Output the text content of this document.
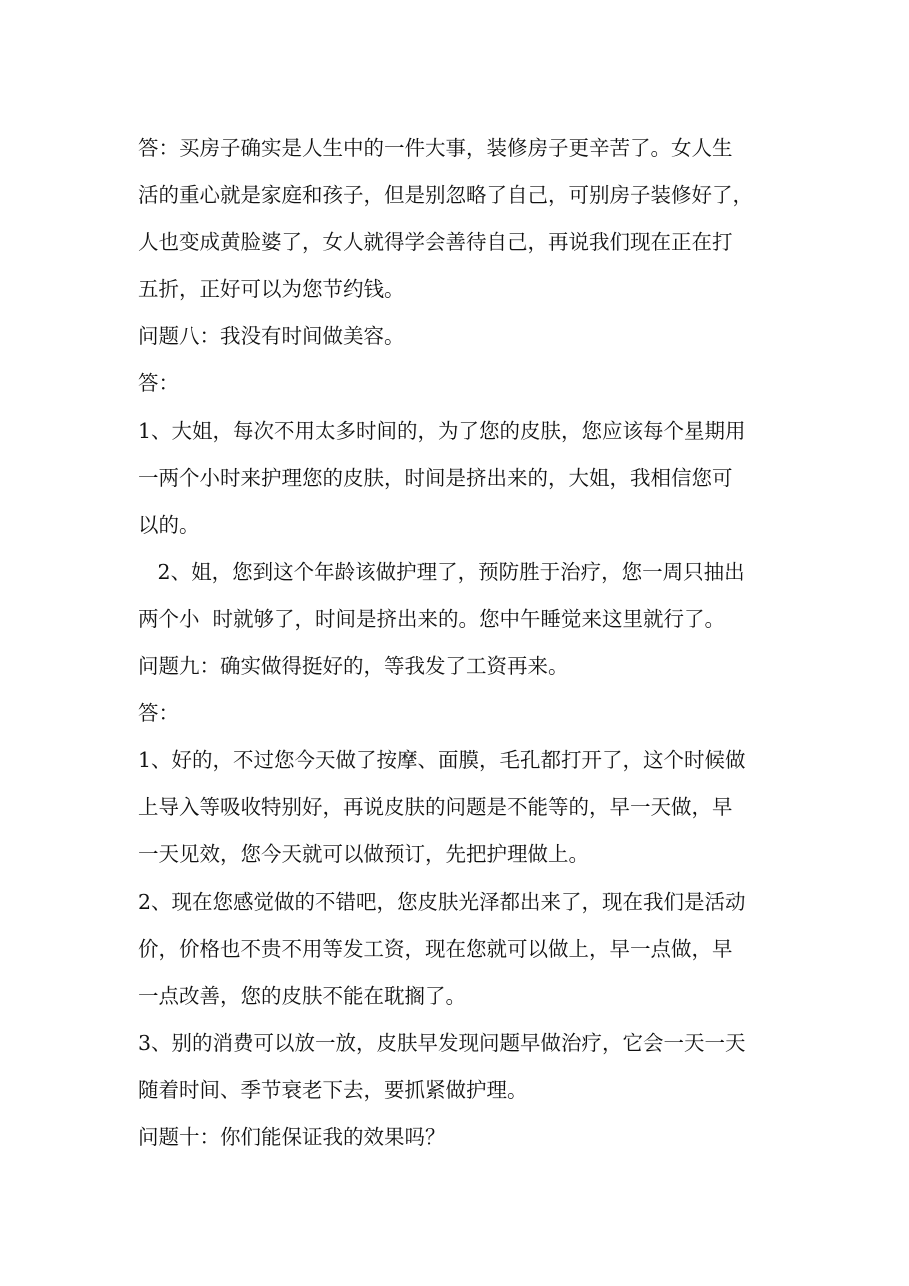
答：买房子确实是人生中的一件大事，装修房子更辛苦了。女人生
活的重心就是家庭和孩子，但是别忽略了自己，可别房子装修好了，
人也变成黄脸婆了，女人就得学会善待自己，再说我们现在正在打
五折，正好可以为您节约钱。
问题八：我没有时间做美容。
答：
1、大姐，每次不用太多时间的，为了您的皮肤，您应该每个星期用
一两个小时来护理您的皮肤，时间是挤出来的，大姐，我相信您可
以的。
2、姐，您到这个年龄该做护理了，预防胜于治疗，您一周只抽出
两个小  时就够了，时间是挤出来的。您中午睡觉来这里就行了。
问题九：确实做得挺好的，等我发了工资再来。
答：
1、好的，不过您今天做了按摩、面膜，毛孔都打开了，这个时候做
上导入等吸收特别好，再说皮肤的问题是不能等的，早一天做，早
一天见效，您今天就可以做预订，先把护理做上。
2、现在您感觉做的不错吧，您皮肤光泽都出来了，现在我们是活动
价，价格也不贵不用等发工资，现在您就可以做上，早一点做，早
一点改善，您的皮肤不能在耽搁了。
3、别的消费可以放一放，皮肤早发现问题早做治疗，它会一天一天
随着时间、季节衰老下去，要抓紧做护理。
问题十：你们能保证我的效果吗？
